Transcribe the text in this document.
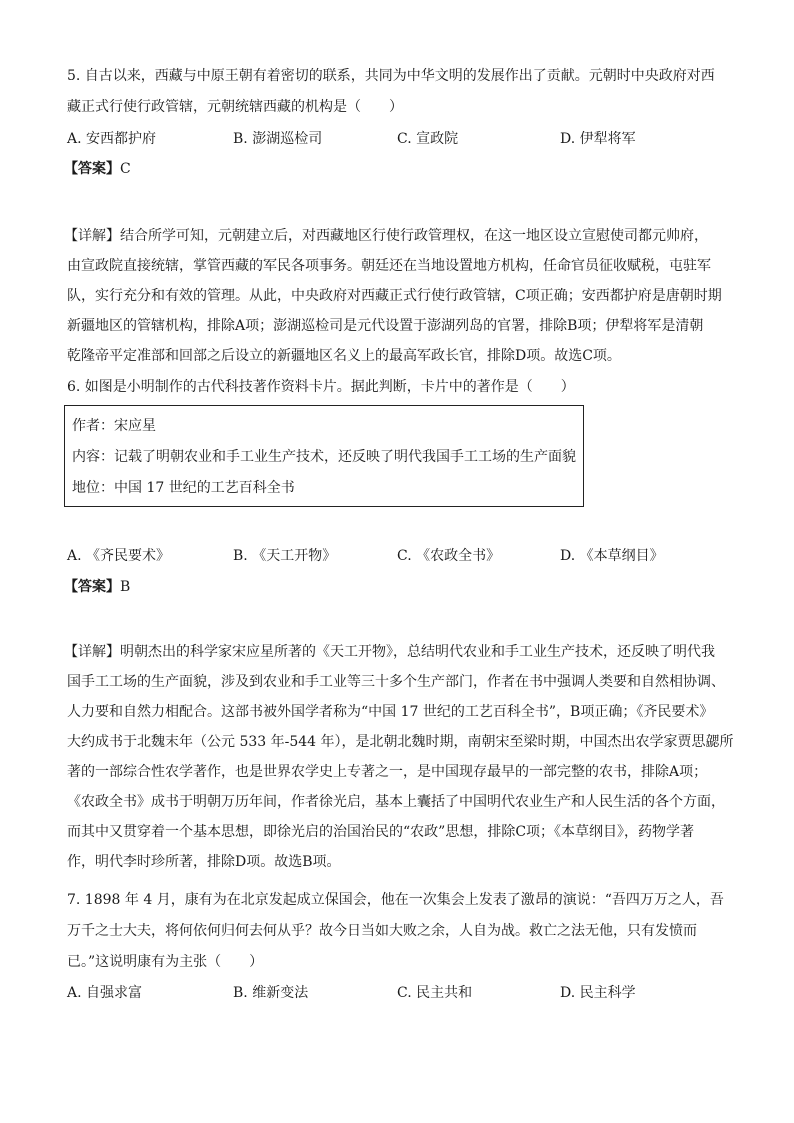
5. 自古以来，西藏与中原王朝有着密切的联系，共同为中华文明的发展作出了贡献。元朝时中央政府对西
藏正式行使行政管辖，元朝统辖西藏的机构是（　　）
A. 安西都护府	B. 澎湖巡检司	C. 宣政院	D. 伊犁将军
【答案】C
【详解】结合所学可知，元朝建立后，对西藏地区行使行政管理权，在这一地区设立宣慰使司都元帅府，
由宣政院直接统辖，掌管西藏的军民各项事务。朝廷还在当地设置地方机构，任命官员征收赋税，屯驻军
队，实行充分和有效的管理。从此，中央政府对西藏正式行使行政管辖，C项正确；安西都护府是唐朝时期
新疆地区的管辖机构，排除A项；澎湖巡检司是元代设置于澎湖列岛的官署，排除B项；伊犁将军是清朝
乾隆帝平定准部和回部之后设立的新疆地区名义上的最高军政长官，排除D项。故选C项。
6. 如图是小明制作的古代科技著作资料卡片。据此判断，卡片中的著作是（　　）
作者：宋应星
内容：记载了明朝农业和手工业生产技术，还反映了明代我国手工工场的生产面貌
地位：中国 17 世纪的工艺百科全书
A. 《齐民要术》	B. 《天工开物》	C. 《农政全书》	D. 《本草纲目》
【答案】B
【详解】明朝杰出的科学家宋应星所著的《天工开物》，总结明代农业和手工业生产技术，还反映了明代我
国手工工场的生产面貌，涉及到农业和手工业等三十多个生产部门，作者在书中强调人类要和自然相协调、
人力要和自然力相配合。这部书被外国学者称为“中国 17 世纪的工艺百科全书”，B项正确；《齐民要术》
大约成书于北魏末年（公元 533 年-544 年），是北朝北魏时期，南朝宋至梁时期，中国杰出农学家贾思勰所
著的一部综合性农学著作，也是世界农学史上专著之一，是中国现存最早的一部完整的农书，排除A项；
《农政全书》成书于明朝万历年间，作者徐光启，基本上囊括了中国明代农业生产和人民生活的各个方面，
而其中又贯穿着一个基本思想，即徐光启的治国治民的“农政”思想，排除C项；《本草纲目》，药物学著
作，明代李时珍所著，排除D项。故选B项。
7. 1898 年 4 月，康有为在北京发起成立保国会，他在一次集会上发表了激昂的演说：“吾四万万之人，吾
万千之士大夫，将何依何归何去何从乎？故今日当如大败之余，人自为战。救亡之法无他，只有发愤而
已。”这说明康有为主张（　　）
A. 自强求富	B. 维新变法	C. 民主共和	D. 民主科学
